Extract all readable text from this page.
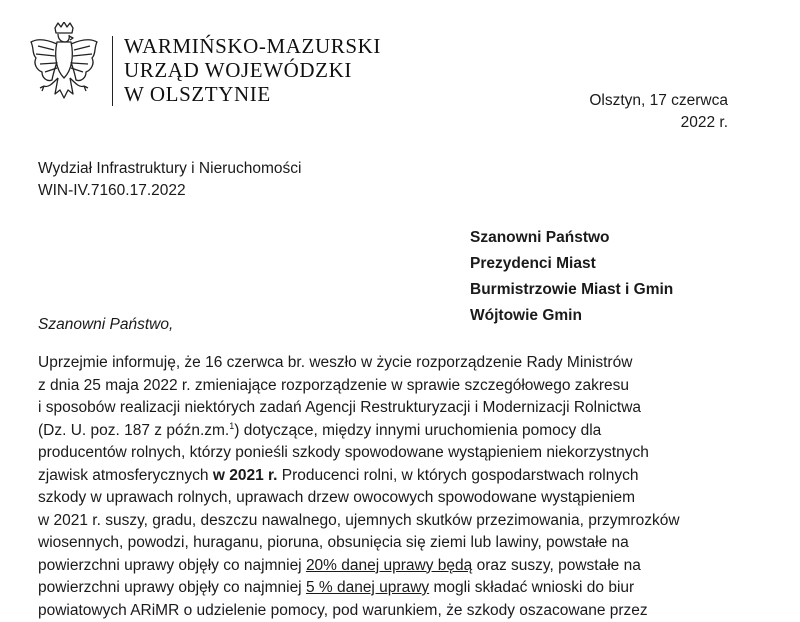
WARMIŃSKO-MAZURSKI
URZĄD WOJEWÓDZKI
W OLSZTYNIE	Olsztyn, 17 czerwca
2022 r.
Wydział Infrastruktury i Nieruchomości
WIN-IV.7160.17.2022
Szanowni Państwo
Prezydenci Miast
Burmistrzowie Miast i Gmin
Wójtowie Gmin
Szanowni Państwo,
Uprzejmie informuję, że 16 czerwca br. weszło w życie rozporządzenie Rady Ministrów
z dnia 25 maja 2022 r. zmieniające rozporządzenie w sprawie szczegółowego zakresu
i sposobów realizacji niektórych zadań Agencji Restrukturyzacji i Modernizacji Rolnictwa
(Dz. U. poz. 187 z późn.zm.$^1$) dotyczące, między innymi uruchomienia pomocy dla
producentów rolnych, którzy ponieśli szkody spowodowane wystąpieniem niekorzystnych
zjawisk atmosferycznych w 2021 r. Producenci rolni, w których gospodarstwach rolnych
szkody w uprawach rolnych, uprawach drzew owocowych spowodowane wystąpieniem
w 2021 r. suszy, gradu, deszczu nawalnego, ujemnych skutków przezimowania, przymrozków
wiosennych, powodzi, huraganu, pioruna, obsunięcia się ziemi lub lawiny, powstałe na
powierzchni uprawy objęły co najmniej 20% danej uprawy będą oraz suszy, powstałe na
powierzchni uprawy objęły co najmniej 5 % danej uprawy mogli składać wnioski do biur
powiatowych ARiMR o udzielenie pomocy, pod warunkiem, że szkody oszacowane przez
